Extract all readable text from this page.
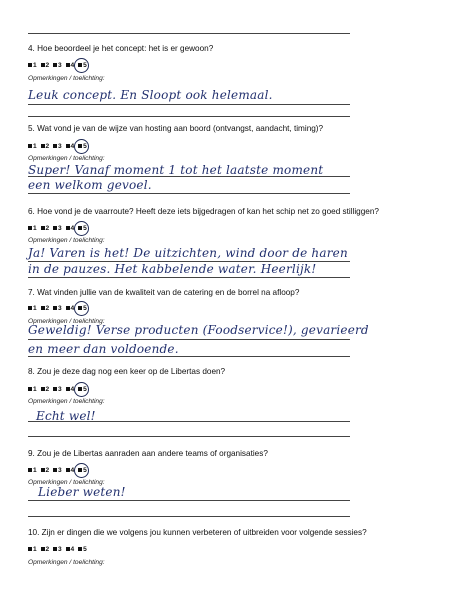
4. Hoe beoordeel je het concept: het is er gewoon?
1 2 3 4 5
Opmerkingen / toelichting:
Leuk concept. En Sloopt ook helemaal.
5. Wat vond je van de wijze van hosting aan boord (ontvangst, aandacht, timing)?
1 2 3 4 5
Opmerkingen / toelichting:
Super! Vanaf moment 1 tot het laatste moment
een welkom gevoel.
6. Hoe vond je de vaarroute? Heeft deze iets bijgedragen of kan het schip net zo goed stilliggen?
1 2 3 4 5
Opmerkingen / toelichting:
Ja! Varen is het! De uitzichten, wind door de haren
in de pauzes. Het kabbelende water. Heerlijk!
7. Wat vinden jullie van de kwaliteit van de catering en de borrel na afloop?
1 2 3 4 5
Opmerkingen / toelichting:
Geweldig! Verse producten (Foodservice!), gevarieerd
en meer dan voldoende.
8. Zou je deze dag nog een keer op de Libertas doen?
1 2 3 4 5
Opmerkingen / toelichting:
Echt wel!
9. Zou je de Libertas aanraden aan andere teams of organisaties?
1 2 3 4 5
Opmerkingen / toelichting:
Lieber weten!
10. Zijn er dingen die we volgens jou kunnen verbeteren of uitbreiden voor volgende sessies?
1 2 3 4 5
Opmerkingen / toelichting:
